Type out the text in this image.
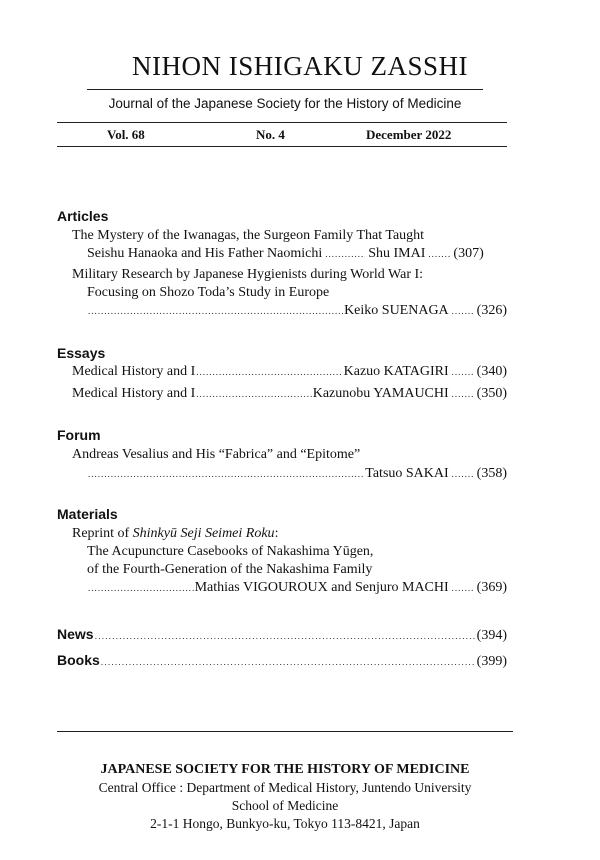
NIHON ISHIGAKU ZASSHI
Journal of the Japanese Society for the History of Medicine
Vol. 68	No. 4	December 2022
Articles
The Mystery of the Iwanagas, the Surgeon Family That Taught
Seishu Hanaoka and His Father Naomichi .....	Shu IMAI ..... (307)
Military Research by Japanese Hygienists during World War I:
Focusing on Shozo Toda’s Study in Europe
.....
Keiko SUENAGA ..... (326)
Essays
Medical History and I .....	Kazuo KATAGIRI ..... (340)
Medical History and I .....	Kazunobu YAMAUCHI ..... (350)
Forum
Andreas Vesalius and His “Fabrica” and “Epitome”
.....
Tatsuo SAKAI ..... (358)
Materials
Reprint of Shinkyū Seji Seimei Roku:
The Acupuncture Casebooks of Nakashima Yūgen,
of the Fourth-Generation of the Nakashima Family
.....
Mathias VIGOUROUX and Senjuro MACHI ..... (369)
News .....	(394)
Books .....	(399)
JAPANESE SOCIETY FOR THE HISTORY OF MEDICINE
Central Office : Department of Medical History, Juntendo University
School of Medicine
2-1-1 Hongo, Bunkyo-ku, Tokyo 113-8421, Japan
